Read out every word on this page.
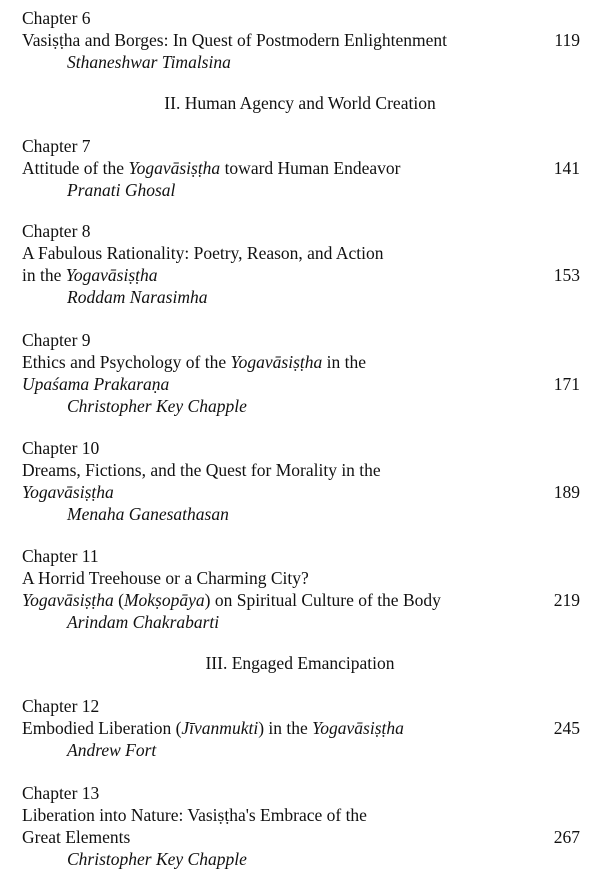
Chapter 6
Vasiṣṭha and Borges: In Quest of Postmodern Enlightenment
Sthaneshwar Timalsina
119
II. Human Agency and World Creation
Chapter 7
Attitude of the Yogavāsiṣṭha toward Human Endeavor
Pranati Ghosal
141
Chapter 8
A Fabulous Rationality: Poetry, Reason, and Action
in the Yogavāsiṣṭha
Roddam Narasimha
153
Chapter 9
Ethics and Psychology of the Yogavāsiṣṭha in the
Upaśama Prakaraṇa
Christopher Key Chapple
171
Chapter 10
Dreams, Fictions, and the Quest for Morality in the
Yogavāsiṣṭha
Menaha Ganesathasan
189
Chapter 11
A Horrid Treehouse or a Charming City?
Yogavāsiṣṭha (Mokṣopāya) on Spiritual Culture of the Body
Arindam Chakrabarti
219
III. Engaged Emancipation
Chapter 12
Embodied Liberation (Jīvanmukti) in the Yogavāsiṣṭha
Andrew Fort
245
Chapter 13
Liberation into Nature: Vasiṣṭha's Embrace of the
Great Elements
Christopher Key Chapple
267
